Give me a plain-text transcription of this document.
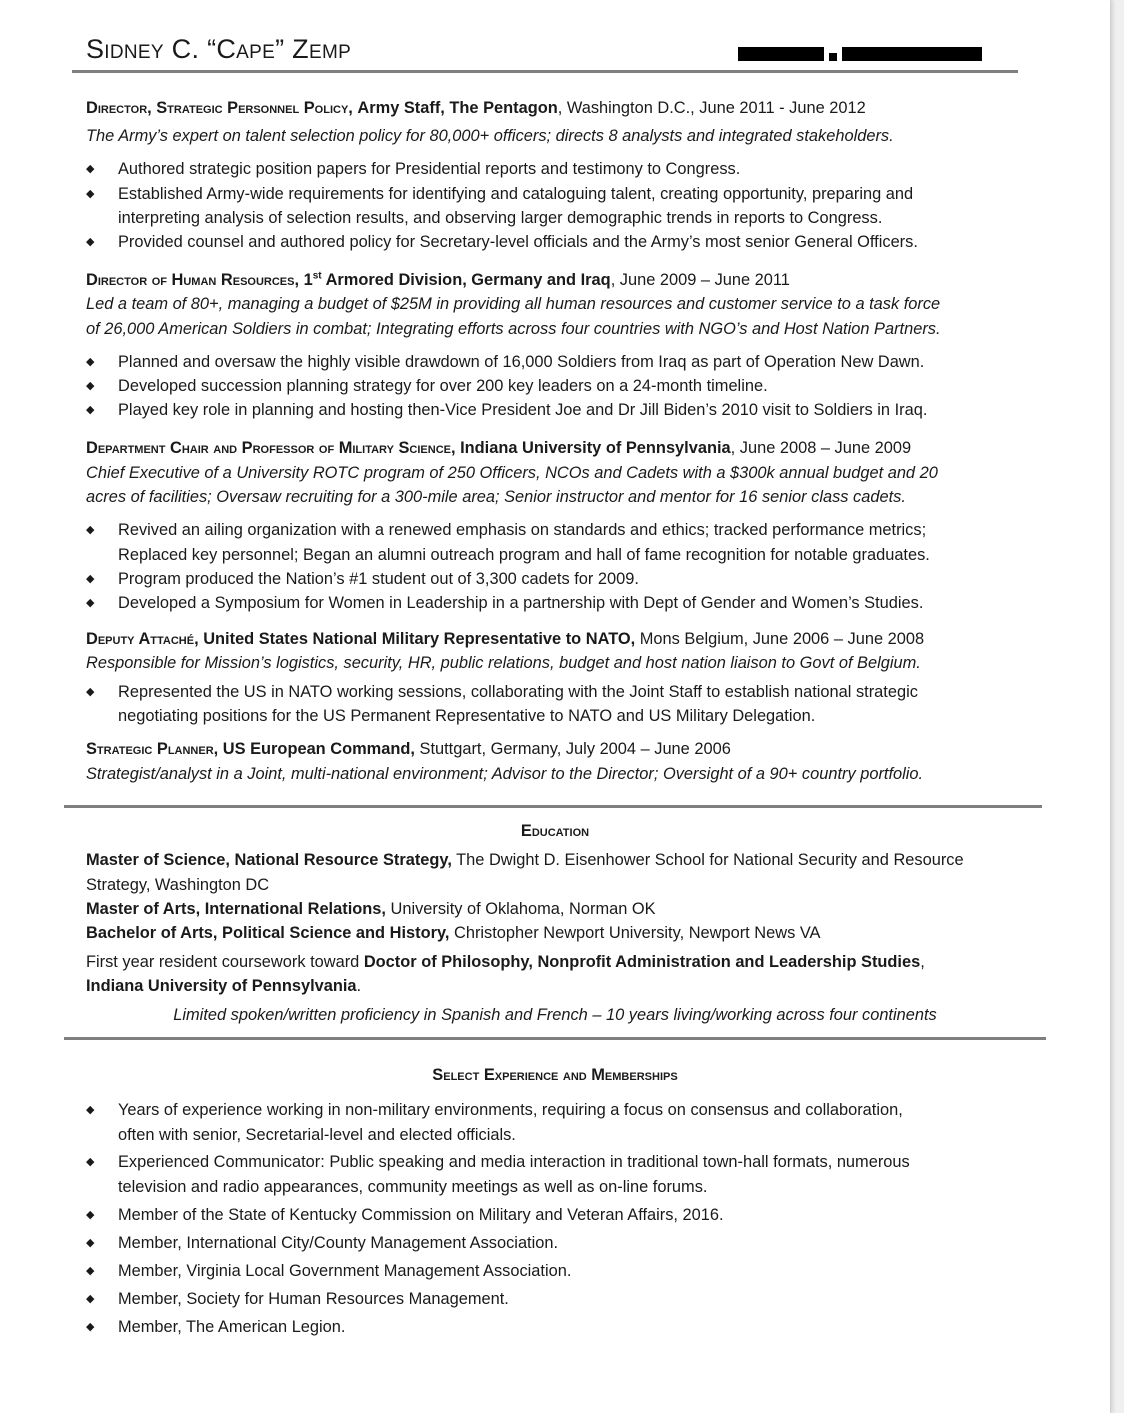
Sidney C. “Cape” Zemp
Director, Strategic Personnel Policy, Army Staff, The Pentagon, Washington D.C., June 2011 - June 2012
The Army’s expert on talent selection policy for 80,000+ officers; directs 8 analysts and integrated stakeholders.
◆ Authored strategic position papers for Presidential reports and testimony to Congress.
◆ Established Army-wide requirements for identifying and cataloguing talent, creating opportunity, preparing and
interpreting analysis of selection results, and observing larger demographic trends in reports to Congress.
◆ Provided counsel and authored policy for Secretary-level officials and the Army’s most senior General Officers.
Director of Human Resources, 1st Armored Division, Germany and Iraq, June 2009 – June 2011
Led a team of 80+, managing a budget of $25M in providing all human resources and customer service to a task force
of 26,000 American Soldiers in combat; Integrating efforts across four countries with NGO’s and Host Nation Partners.
◆ Planned and oversaw the highly visible drawdown of 16,000 Soldiers from Iraq as part of Operation New Dawn.
◆ Developed succession planning strategy for over 200 key leaders on a 24-month timeline.
◆ Played key role in planning and hosting then-Vice President Joe and Dr Jill Biden’s 2010 visit to Soldiers in Iraq.
Department Chair and Professor of Military Science, Indiana University of Pennsylvania, June 2008 – June 2009
Chief Executive of a University ROTC program of 250 Officers, NCOs and Cadets with a $300k annual budget and 20
acres of facilities; Oversaw recruiting for a 300-mile area; Senior instructor and mentor for 16 senior class cadets.
◆ Revived an ailing organization with a renewed emphasis on standards and ethics; tracked performance metrics;
Replaced key personnel; Began an alumni outreach program and hall of fame recognition for notable graduates.
◆ Program produced the Nation’s #1 student out of 3,300 cadets for 2009.
◆ Developed a Symposium for Women in Leadership in a partnership with Dept of Gender and Women’s Studies.
Deputy Attaché, United States National Military Representative to NATO, Mons Belgium, June 2006 – June 2008
Responsible for Mission’s logistics, security, HR, public relations, budget and host nation liaison to Govt of Belgium.
◆ Represented the US in NATO working sessions, collaborating with the Joint Staff to establish national strategic
negotiating positions for the US Permanent Representative to NATO and US Military Delegation.
Strategic Planner, US European Command, Stuttgart, Germany, July 2004 – June 2006
Strategist/analyst in a Joint, multi-national environment; Advisor to the Director; Oversight of a 90+ country portfolio.
Education
Master of Science, National Resource Strategy, The Dwight D. Eisenhower School for National Security and Resource
Strategy, Washington DC
Master of Arts, International Relations, University of Oklahoma, Norman OK
Bachelor of Arts, Political Science and History, Christopher Newport University, Newport News VA
First year resident coursework toward Doctor of Philosophy, Nonprofit Administration and Leadership Studies,
Indiana University of Pennsylvania.
Limited spoken/written proficiency in Spanish and French – 10 years living/working across four continents
Select Experience and Memberships
◆ Years of experience working in non-military environments, requiring a focus on consensus and collaboration,
often with senior, Secretarial-level and elected officials.
◆ Experienced Communicator: Public speaking and media interaction in traditional town-hall formats, numerous
television and radio appearances, community meetings as well as on-line forums.
◆ Member of the State of Kentucky Commission on Military and Veteran Affairs, 2016.
◆ Member, International City/County Management Association.
◆ Member, Virginia Local Government Management Association.
◆ Member, Society for Human Resources Management.
◆ Member, The American Legion.
